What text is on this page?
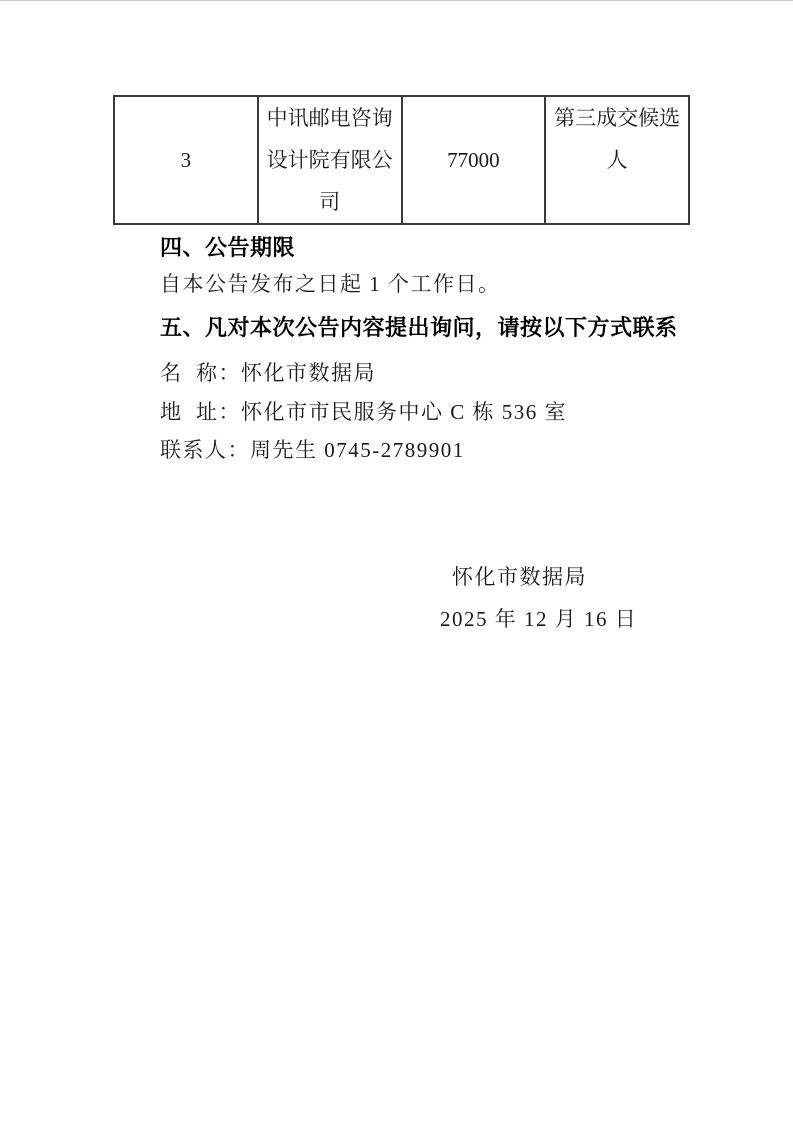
3	中讯邮电咨询设计院有限公司	77000	第三成交候选人
四、公告期限
自本公告发布之日起 1 个工作日。
五、凡对本次公告内容提出询问，请按以下方式联系
名  称：怀化市数据局
地  址：怀化市市民服务中心 C 栋 536 室
联系人：周先生 0745-2789901
怀化市数据局
2025 年 12 月 16 日
